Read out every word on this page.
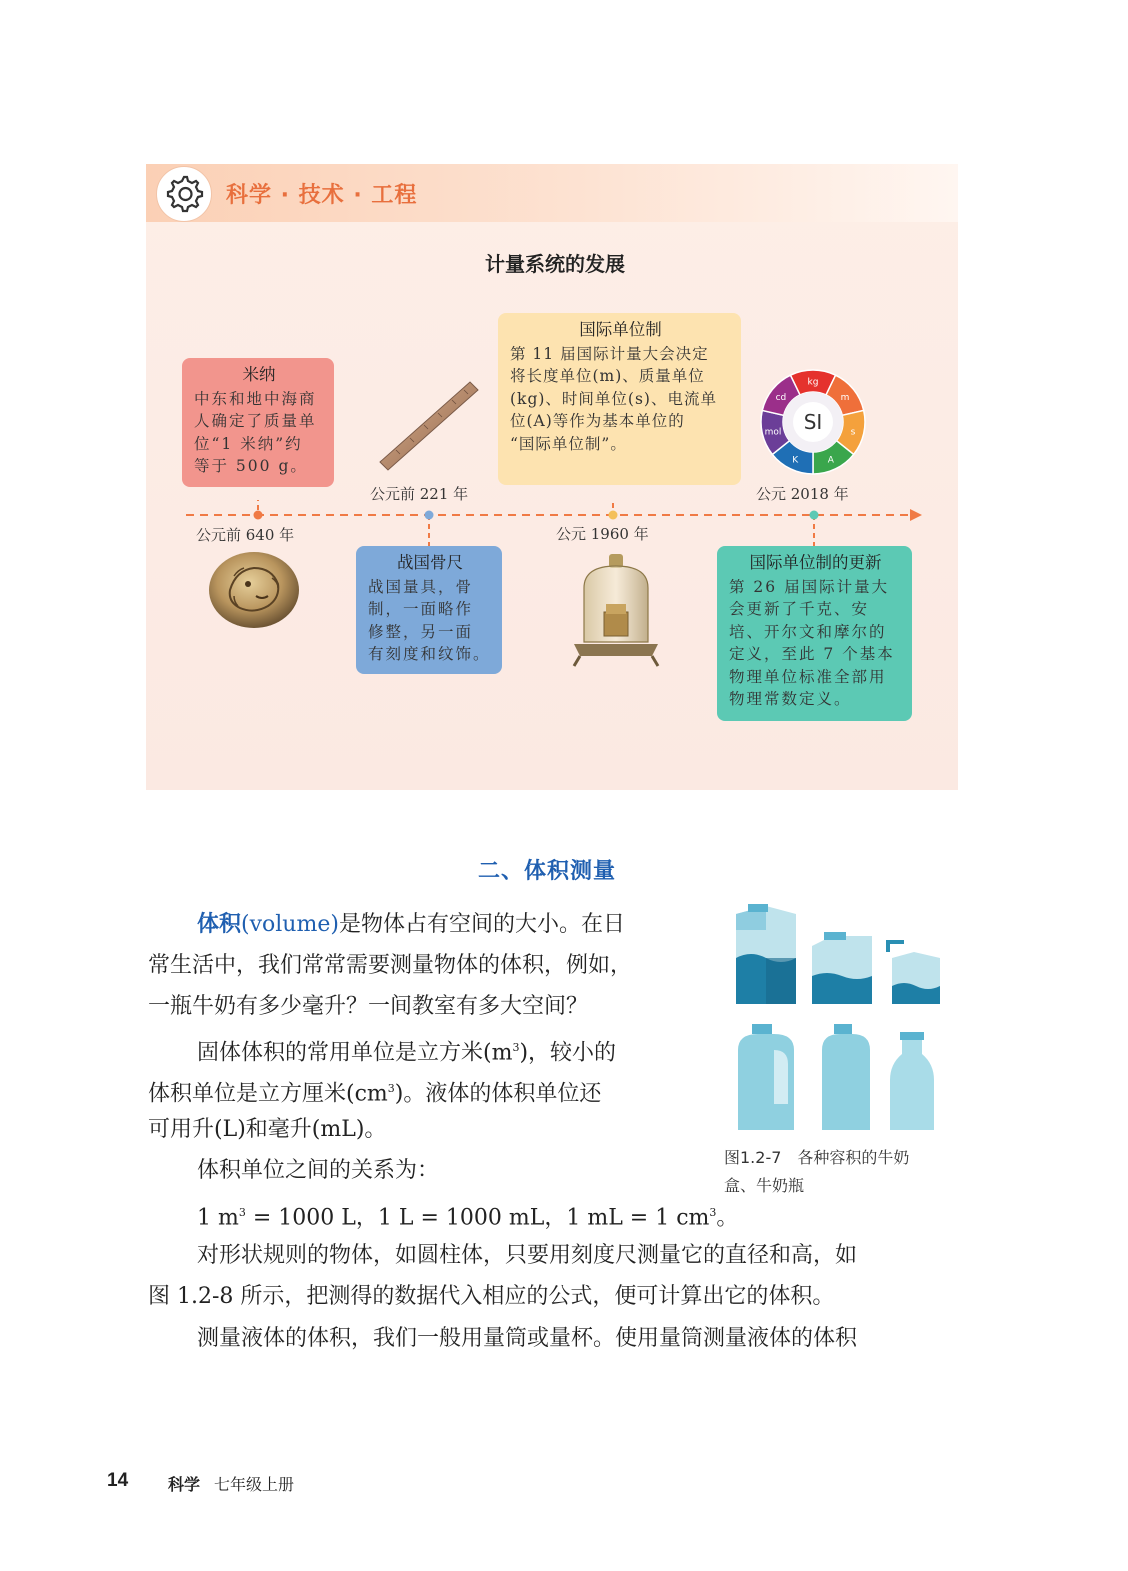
科学 · 技术 · 工程
计量系统的发展
公元前 640 年
公元前 221 年
公元 1960 年
公元 2018 年
米纳
中东和地中海商
人确定了质量单
位“1 米纳”约
等于 500 g。
战国骨尺
战国量具，骨
制，一面略作
修整，另一面
有刻度和纹饰。
国际单位制
第 11 届国际计量大会决定
将长度单位(m)、质量单位
(kg)、时间单位(s)、电流单
位(A)等作为基本单位的
“国际单位制”。
国际单位制的更新
第 26 届国际计量大
会更新了千克、安
培、开尔文和摩尔的
定义，至此 7 个基本
物理单位标准全部用
物理常数定义。
SI
kg
m
s
A
K
mol
cd
二、体积测量

体积(volume)是物体占有空间的大小。在日

常生活中，我们常常需要测量物体的体积，例如，

一瓶牛奶有多少毫升？一间教室有多大空间？

固体体积的常用单位是立方米$(m^3)$，较小的

体积单位是立方厘米$(cm^3)$。液体的体积单位还

可用升(L)和毫升(mL)。

体积单位之间的关系为：

1 $m^3 = 1000$ L，1 L = 1000 mL，1 mL = 1 $cm^3$。

对形状规则的物体，如圆柱体，只要用刻度尺测量它的直径和高，如

图 1.2-8 所示，把测得的数据代入相应的公式，便可计算出它的体积。

测量液体的体积，我们一般用量筒或量杯。使用量筒测量液体的体积

图1.2-7　各种容积的牛奶
盒、牛奶瓶
14 科学 七年级上册
